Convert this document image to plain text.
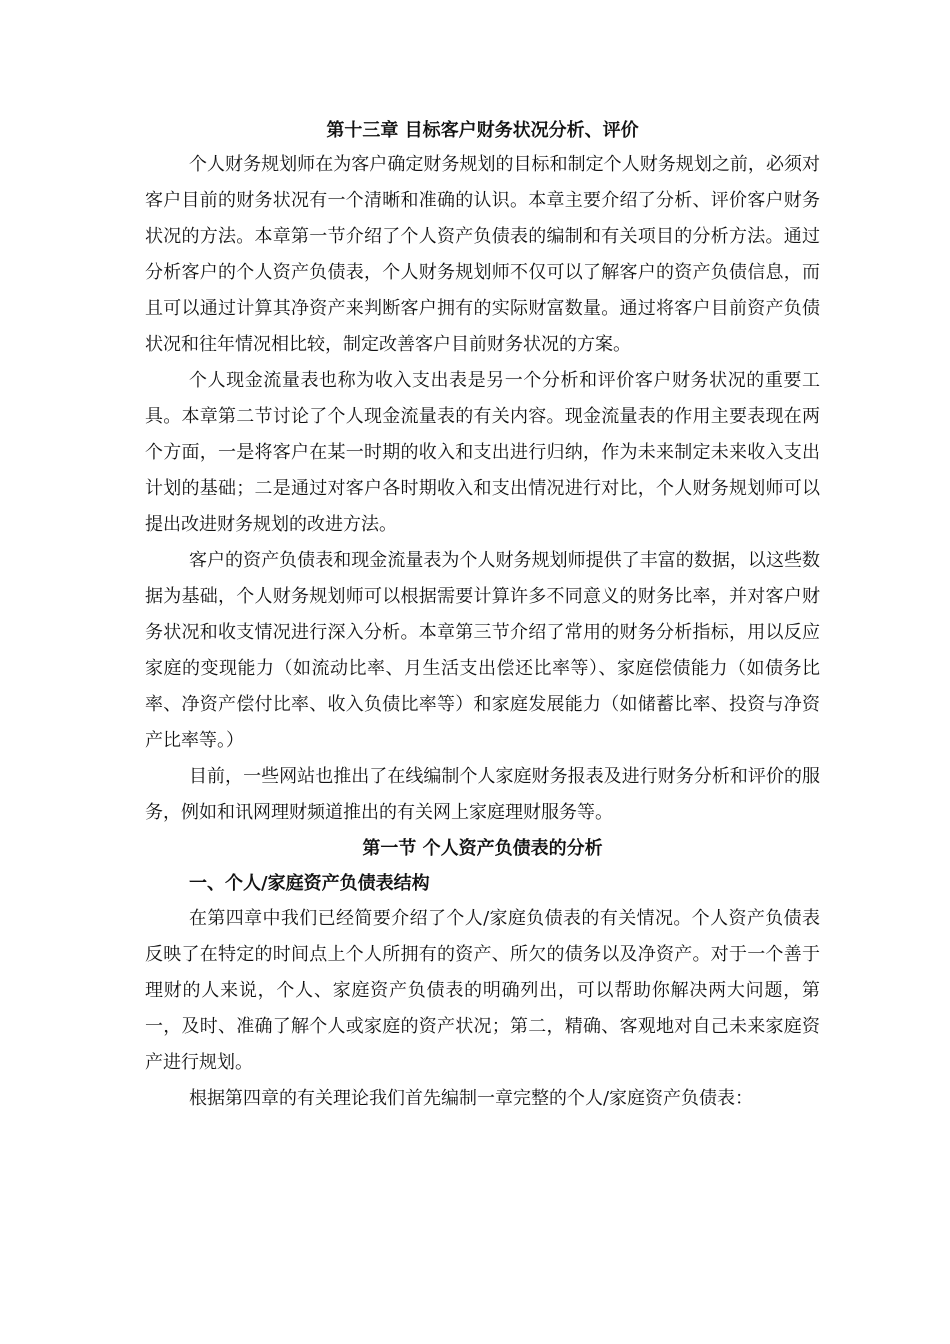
第十三章 目标客户财务状况分析、评价

个人财务规划师在为客户确定财务规划的目标和制定个人财务规划之前，必须对客户目前的财务状况有一个清晰和准确的认识。本章主要介绍了分析、评价客户财务状况的方法。本章第一节介绍了个人资产负债表的编制和有关项目的分析方法。通过分析客户的个人资产负债表，个人财务规划师不仅可以了解客户的资产负债信息，而且可以通过计算其净资产来判断客户拥有的实际财富数量。通过将客户目前资产负债状况和往年情况相比较，制定改善客户目前财务状况的方案。

个人现金流量表也称为收入支出表是另一个分析和评价客户财务状况的重要工具。本章第二节讨论了个人现金流量表的有关内容。现金流量表的作用主要表现在两个方面，一是将客户在某一时期的收入和支出进行归纳，作为未来制定未来收入支出计划的基础；二是通过对客户各时期收入和支出情况进行对比，个人财务规划师可以提出改进财务规划的改进方法。

客户的资产负债表和现金流量表为个人财务规划师提供了丰富的数据，以这些数据为基础，个人财务规划师可以根据需要计算许多不同意义的财务比率，并对客户财务状况和收支情况进行深入分析。本章第三节介绍了常用的财务分析指标，用以反应家庭的变现能力（如流动比率、月生活支出偿还比率等）、家庭偿债能力（如债务比率、净资产偿付比率、收入负债比率等）和家庭发展能力（如储蓄比率、投资与净资产比率等。）

目前，一些网站也推出了在线编制个人家庭财务报表及进行财务分析和评价的服务，例如和讯网理财频道推出的有关网上家庭理财服务等。

第一节 个人资产负债表的分析
一、个人/家庭资产负债表结构

在第四章中我们已经简要介绍了个人/家庭负债表的有关情况。个人资产负债表反映了在特定的时间点上个人所拥有的资产、所欠的债务以及净资产。对于一个善于理财的人来说，个人、家庭资产负债表的明确列出，可以帮助你解决两大问题，第一，及时、准确了解个人或家庭的资产状况；第二，精确、客观地对自己未来家庭资产进行规划。

根据第四章的有关理论我们首先编制一章完整的个人/家庭资产负债表：
